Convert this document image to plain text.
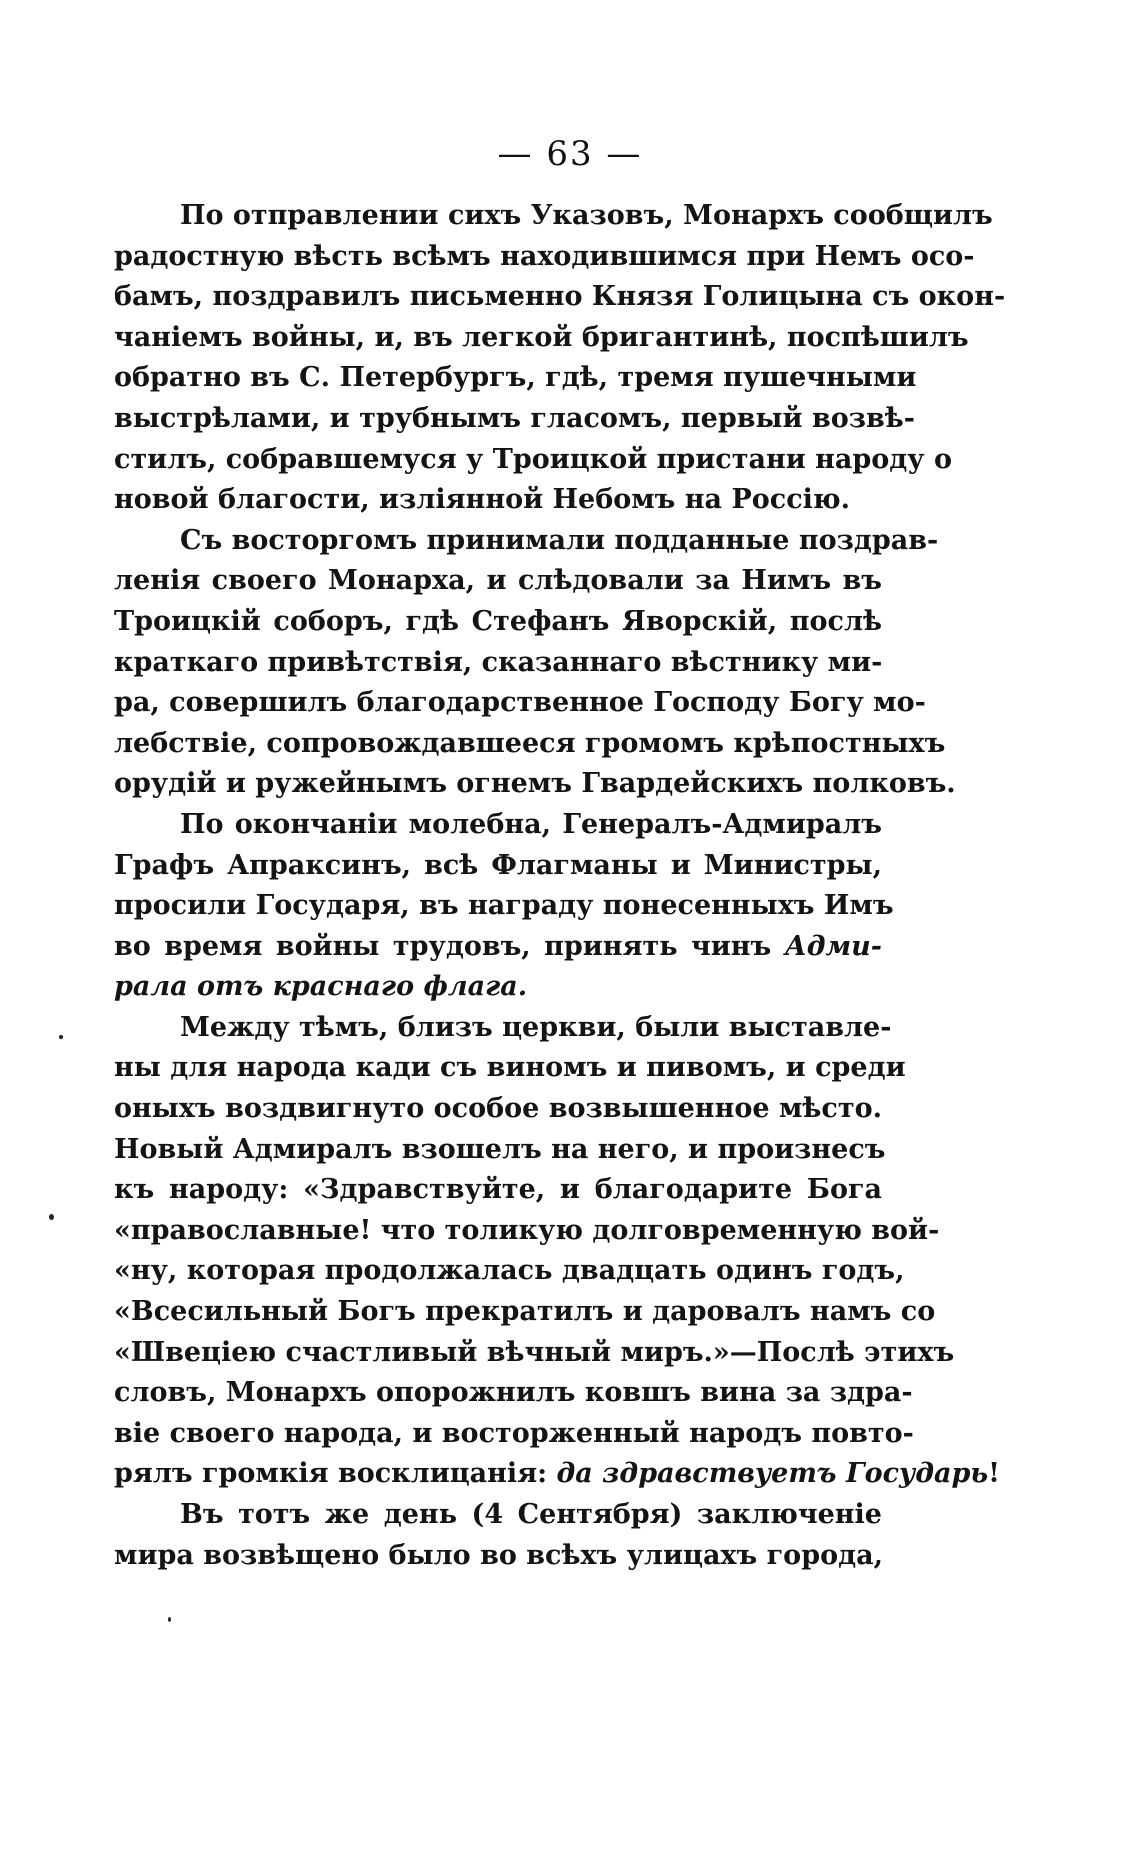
— 63 —
По отправлении сихъ Указовъ, Монархъ сообщилъ
радостную вѣсть всѣмъ находившимся при Немъ осо-
бамъ, поздравилъ письменно Князя Голицына съ окон-
чаніемъ войны, и, въ легкой бригантинѣ, поспѣшилъ
обратно въ С. Петербургъ, гдѣ, тремя пушечными
выстрѣлами, и трубнымъ гласомъ, первый возвѣ-
стилъ, собравшемуся у Троицкой пристани народу о
новой благости, изліянной Небомъ на Россію.
Съ восторгомъ принимали подданные поздрав-
ленія своего Монарха, и слѣдовали за Нимъ въ
Троицкій соборъ, гдѣ Стефанъ Яворскій, послѣ
краткаго привѣтствія, сказаннаго вѣстнику ми-
ра, совершилъ благодарственное Господу Богу мо-
лебствіе, сопровождавшееся громомъ крѣпостныхъ
орудій и ружейнымъ огнемъ Гвардейскихъ полковъ.
По окончаніи молебна, Генералъ-Адмиралъ
Графъ Апраксинъ, всѣ Флагманы и Министры,
просили Государя, въ награду понесенныхъ Имъ
во время войны трудовъ, принять чинъ Адми-
рала отъ краснаго флага.
Между тѣмъ, близъ церкви, были выставле-
ны для народа кади съ виномъ и пивомъ, и среди
оныхъ воздвигнуто особое возвышенное мѣсто.
Новый Адмиралъ взошелъ на него, и произнесъ
къ народу: «Здравствуйте, и благодарите Бога
«православные! что толикую долговременную вой-
«ну, которая продолжалась двадцать одинъ годъ,
«Всесильный Богъ прекратилъ и даровалъ намъ со
«Швеціею счастливый вѣчный миръ.»—Послѣ этихъ
словъ, Монархъ опорожнилъ ковшъ вина за здра-
віе своего народа, и восторженный народъ повто-
рялъ громкія восклицанія: да здравствуетъ Государь!
Въ тотъ же день (4 Сентября) заключеніе
мира возвѣщено было во всѣхъ улицахъ города,
